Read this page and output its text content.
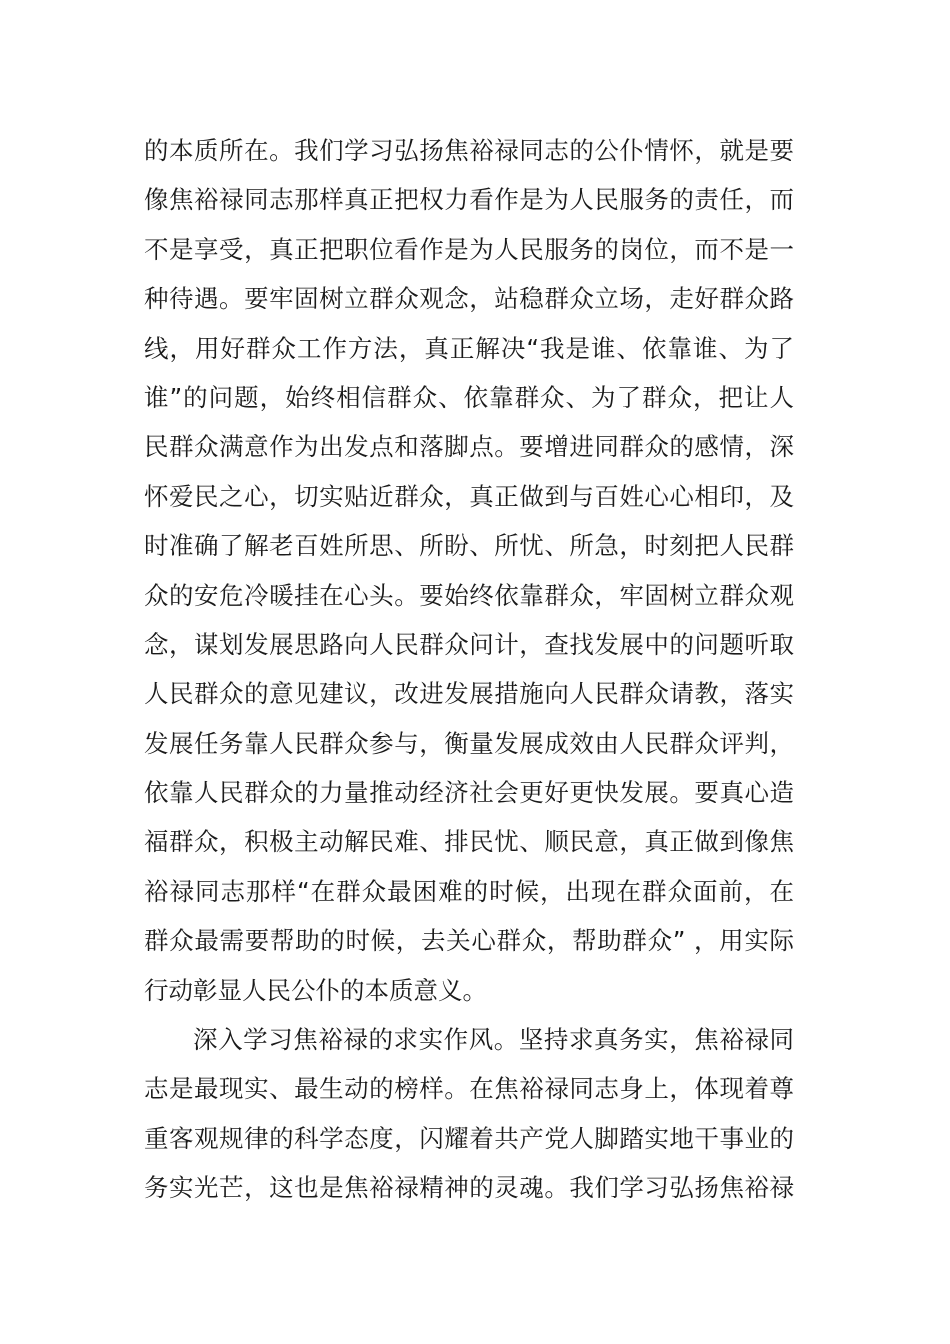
的本质所在。我们学习弘扬焦裕禄同志的公仆情怀，就是要
像焦裕禄同志那样真正把权力看作是为人民服务的责任，而
不是享受，真正把职位看作是为人民服务的岗位，而不是一
种待遇。要牢固树立群众观念，站稳群众立场，走好群众路
线，用好群众工作方法，真正解决“我是谁、依靠谁、为了
谁”的问题，始终相信群众、依靠群众、为了群众，把让人
民群众满意作为出发点和落脚点。要增进同群众的感情，深
怀爱民之心，切实贴近群众，真正做到与百姓心心相印，及
时准确了解老百姓所思、所盼、所忧、所急，时刻把人民群
众的安危冷暖挂在心头。要始终依靠群众，牢固树立群众观
念，谋划发展思路向人民群众问计，查找发展中的问题听取
人民群众的意见建议，改进发展措施向人民群众请教，落实
发展任务靠人民群众参与，衡量发展成效由人民群众评判，
依靠人民群众的力量推动经济社会更好更快发展。要真心造
福群众，积极主动解民难、排民忧、顺民意，真正做到像焦
裕禄同志那样“在群众最困难的时候，出现在群众面前，在
群众最需要帮助的时候，去关心群众，帮助群众” ，用实际
行动彰显人民公仆的本质意义。
深入学习焦裕禄的求实作风。坚持求真务实，焦裕禄同
志是最现实、最生动的榜样。在焦裕禄同志身上，体现着尊
重客观规律的科学态度，闪耀着共产党人脚踏实地干事业的
务实光芒，这也是焦裕禄精神的灵魂。我们学习弘扬焦裕禄
